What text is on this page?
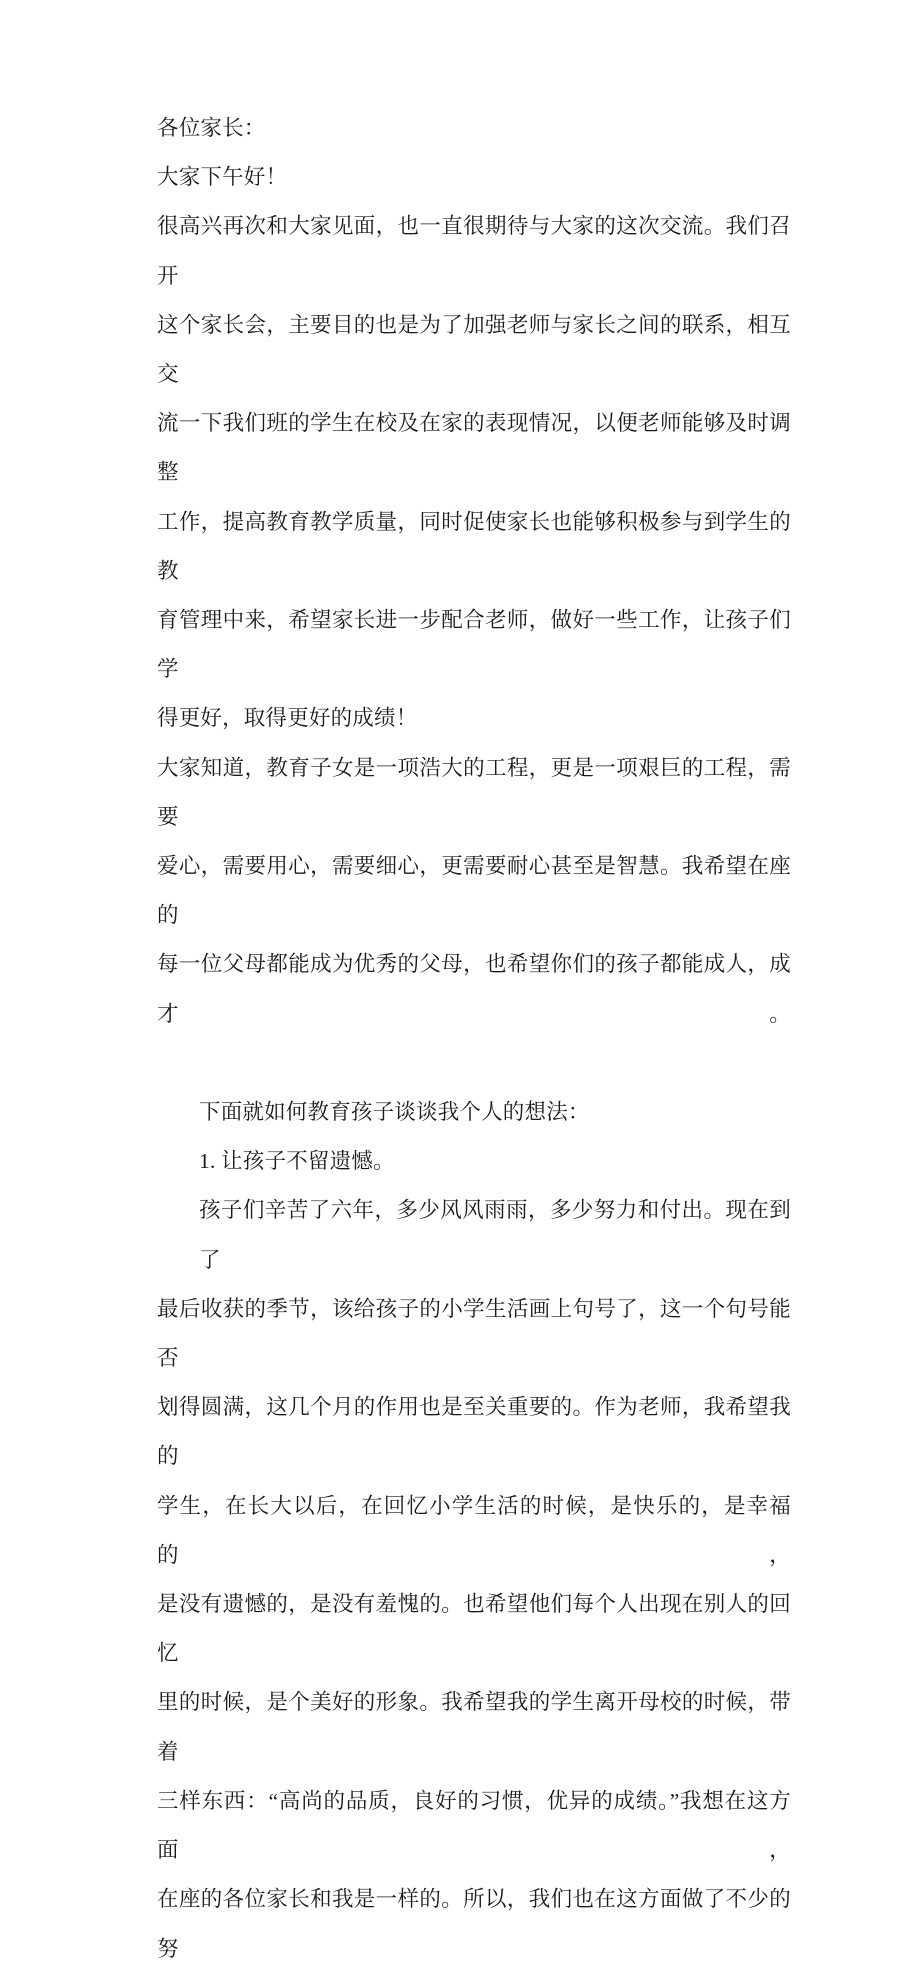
各位家长：
大家下午好！
很高兴再次和大家见面，也一直很期待与大家的这次交流。我们召开
这个家长会，主要目的也是为了加强老师与家长之间的联系，相互交
流一下我们班的学生在校及在家的表现情况，以便老师能够及时调整
工作，提高教育教学质量，同时促使家长也能够积极参与到学生的教
育管理中来，希望家长进一步配合老师，做好一些工作，让孩子们学
得更好，取得更好的成绩！
大家知道，教育子女是一项浩大的工程，更是一项艰巨的工程，需要
爱心，需要用心，需要细心，更需要耐心甚至是智慧。我希望在座的
每一位父母都能成为优秀的父母，也希望你们的孩子都能成人，成才。
下面就如何教育孩子谈谈我个人的想法：
1. 让孩子不留遗憾。
孩子们辛苦了六年，多少风风雨雨，多少努力和付出。现在到了
最后收获的季节，该给孩子的小学生活画上句号了，这一个句号能否
划得圆满，这几个月的作用也是至关重要的。作为老师，我希望我的
学生，在长大以后，在回忆小学生活的时候，是快乐的，是幸福的，
是没有遗憾的，是没有羞愧的。也希望他们每个人出现在别人的回忆
里的时候，是个美好的形象。我希望我的学生离开母校的时候，带着
三样东西：“高尚的品质，良好的习惯，优异的成绩。”我想在这方面，
在座的各位家长和我是一样的。所以，我们也在这方面做了不少的努
